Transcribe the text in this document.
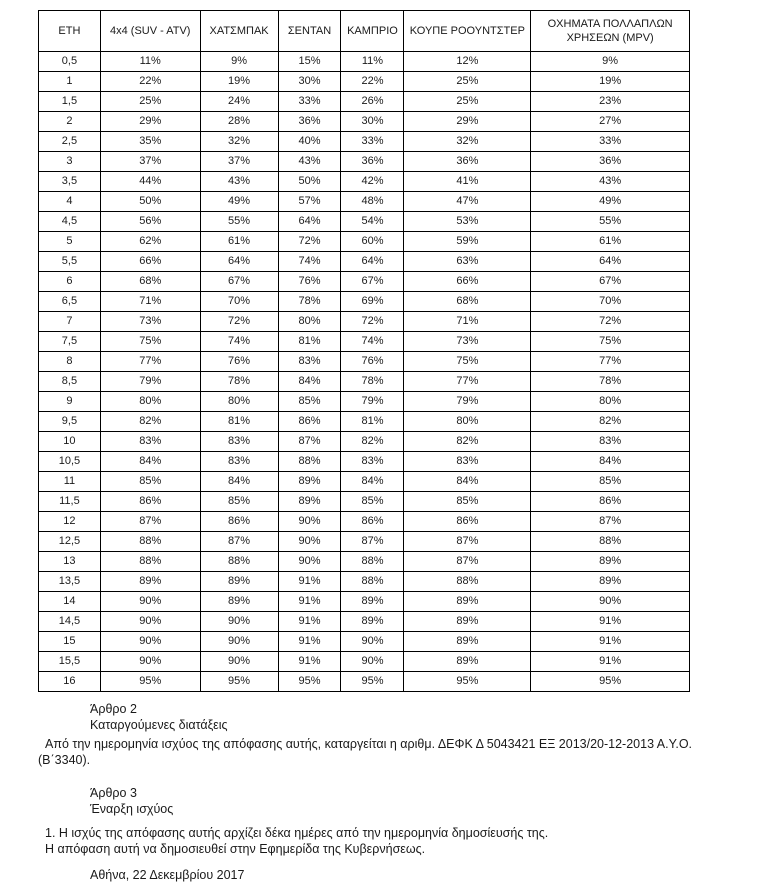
ΕΤΗ	4x4 (SUV - ATV)	ΧΑΤΣΜΠΑΚ	ΣΕΝΤΑΝ	ΚΑΜΠΡΙΟ	ΚΟΥΠΕ ΡΟΟΥΝΤΣΤΕΡ	ΟΧΗΜΑΤΑ ΠΟΛΛΑΠΛΩΝ ΧΡΗΣΕΩΝ (MPV)
0,5	11%	9%	15%	11%	12%	9%
1	22%	19%	30%	22%	25%	19%
1,5	25%	24%	33%	26%	25%	23%
2	29%	28%	36%	30%	29%	27%
2,5	35%	32%	40%	33%	32%	33%
3	37%	37%	43%	36%	36%	36%
3,5	44%	43%	50%	42%	41%	43%
4	50%	49%	57%	48%	47%	49%
4,5	56%	55%	64%	54%	53%	55%
5	62%	61%	72%	60%	59%	61%
5,5	66%	64%	74%	64%	63%	64%
6	68%	67%	76%	67%	66%	67%
6,5	71%	70%	78%	69%	68%	70%
7	73%	72%	80%	72%	71%	72%
7,5	75%	74%	81%	74%	73%	75%
8	77%	76%	83%	76%	75%	77%
8,5	79%	78%	84%	78%	77%	78%
9	80%	80%	85%	79%	79%	80%
9,5	82%	81%	86%	81%	80%	82%
10	83%	83%	87%	82%	82%	83%
10,5	84%	83%	88%	83%	83%	84%
11	85%	84%	89%	84%	84%	85%
11,5	86%	85%	89%	85%	85%	86%
12	87%	86%	90%	86%	86%	87%
12,5	88%	87%	90%	87%	87%	88%
13	88%	88%	90%	88%	87%	89%
13,5	89%	89%	91%	88%	88%	89%
14	90%	89%	91%	89%	89%	90%
14,5	90%	90%	91%	89%	89%	91%
15	90%	90%	91%	90%	89%	91%
15,5	90%	90%	91%	90%	89%	91%
16	95%	95%	95%	95%	95%	95%
Άρθρο 2
Καταργούμενες διατάξεις
Από την ημερομηνία ισχύος της απόφασης αυτής, καταργείται η αριθμ. ΔΕΦΚ Δ 5043421 ΕΞ 2013/20-12-2013 Α.Υ.Ο. (Β΄3340).
Άρθρο 3
Έναρξη ισχύος
1. Η ισχύς της απόφασης αυτής αρχίζει δέκα ημέρες από την ημερομηνία δημοσίευσής της.
Η απόφαση αυτή να δημοσιευθεί στην Εφημερίδα της Κυβερνήσεως.
Αθήνα, 22 Δεκεμβρίου 2017
